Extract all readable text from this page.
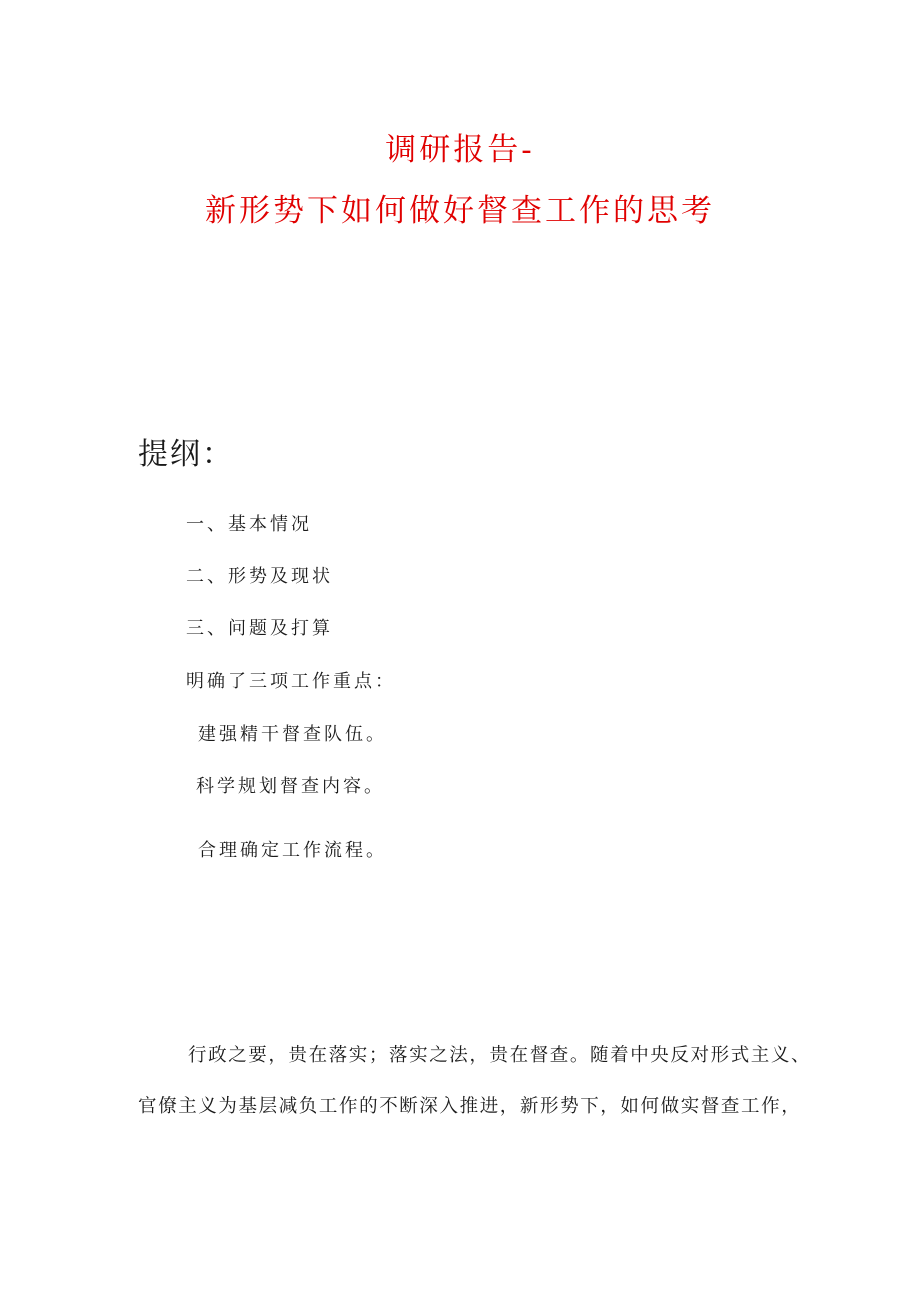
调研报告-
新形势下如何做好督查工作的思考
提纲：
一、基本情况
二、形势及现状
三、问题及打算
明确了三项工作重点：
建强精干督查队伍。
科学规划督查内容。
合理确定工作流程。
行政之要，贵在落实；落实之法，贵在督查。随着中央反对形式主义、
官僚主义为基层减负工作的不断深入推进，新形势下，如何做实督查工作，
